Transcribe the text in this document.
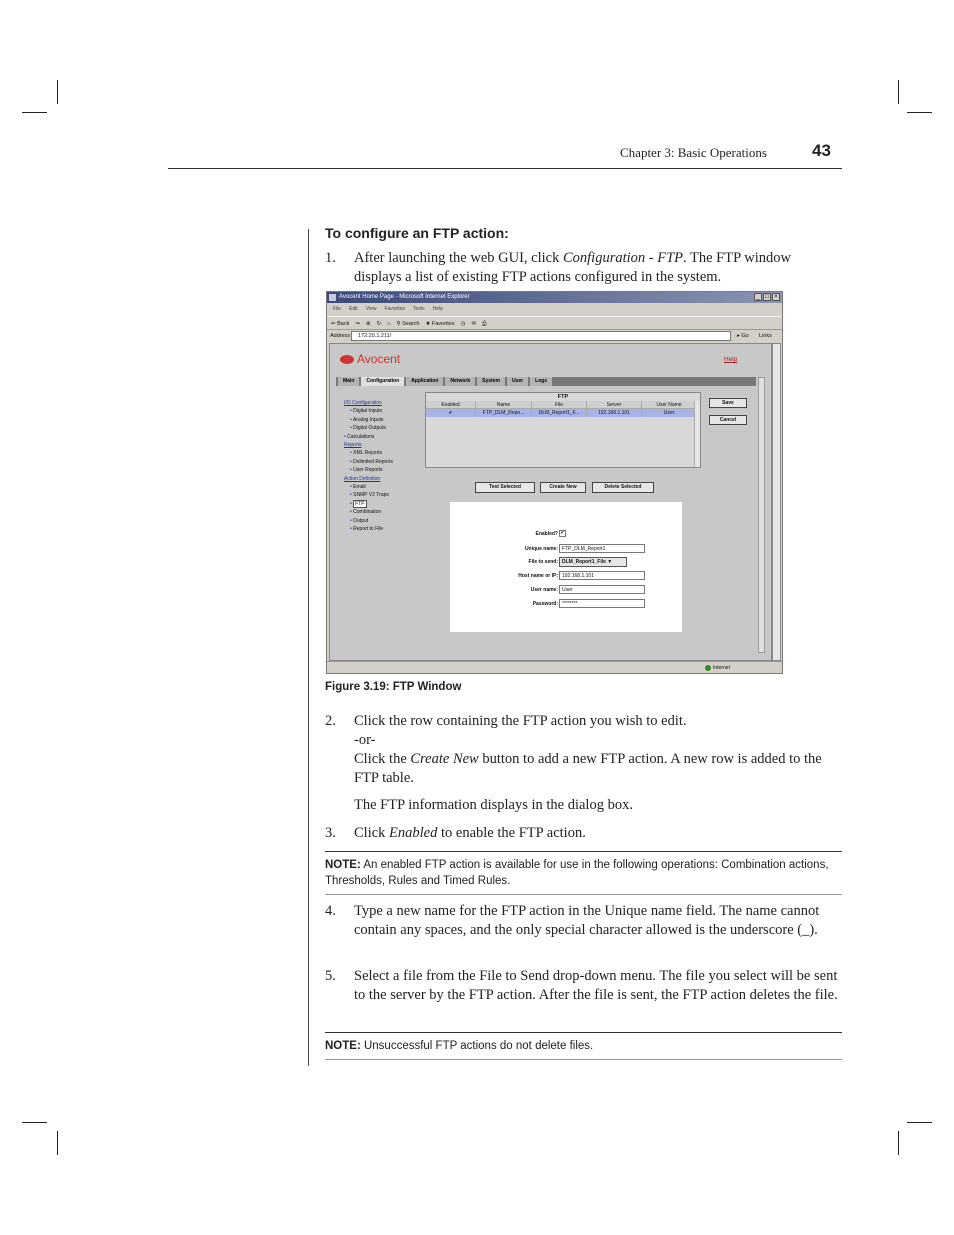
Chapter 3: Basic Operations	43
To configure an FTP action:
1. After launching the web GUI, click Configuration - FTP. The FTP window displays a list of existing FTP actions configured in the system.
Avocent Home Page - Microsoft Internet Explorer	_ □ ×
File Edit View Favorites Tools Help
⇐ Back ⇒ ⊗ ↻ ⌂ ⚲ Search ★ Favorites ◷ ✉ ⎙
Address	172.20.1.211/	▸ Go Links
Avocent	Help
Main	Configuration	Application	Network	System	User	Logs
I/O Configuration
• Digital Inputs
• Analog Inputs
• Digital Outputs
• Calculations
Reports
• XML Reports
• Delimited Reports
• User Reports
Action Definition
• Email
• SNMP V2 Traps
• FTP
• Combination
• Output
• Report to File
FTP
Enabled	Name	File	Server	User Name
✔	FTP_DLM_Repo...	DLM_Report1_F...	192.168.1.101	User
Save
Cancel
Test Selected	Create New	Delete Selected
Enabled? ✔
Unique name: FTP_DLM_Report1
File to send: DLM_Report1_File ▼
Host name or IP: 192.168.1.101
User name: User
Password: ********
Internet
Figure 3.19: FTP Window
2. Click the row containing the FTP action you wish to edit.
-or-
Click the Create New button to add a new FTP action. A new row is added to the FTP table.
The FTP information displays in the dialog box.
3. Click Enabled to enable the FTP action.
NOTE: An enabled FTP action is available for use in the following operations: Combination actions, Thresholds, Rules and Timed Rules.
4. Type a new name for the FTP action in the Unique name field. The name cannot contain any spaces, and the only special character allowed is the underscore (_).
5. Select a file from the File to Send drop-down menu. The file you select will be sent to the server by the FTP action. After the file is sent, the FTP action deletes the file.
NOTE: Unsuccessful FTP actions do not delete files.
